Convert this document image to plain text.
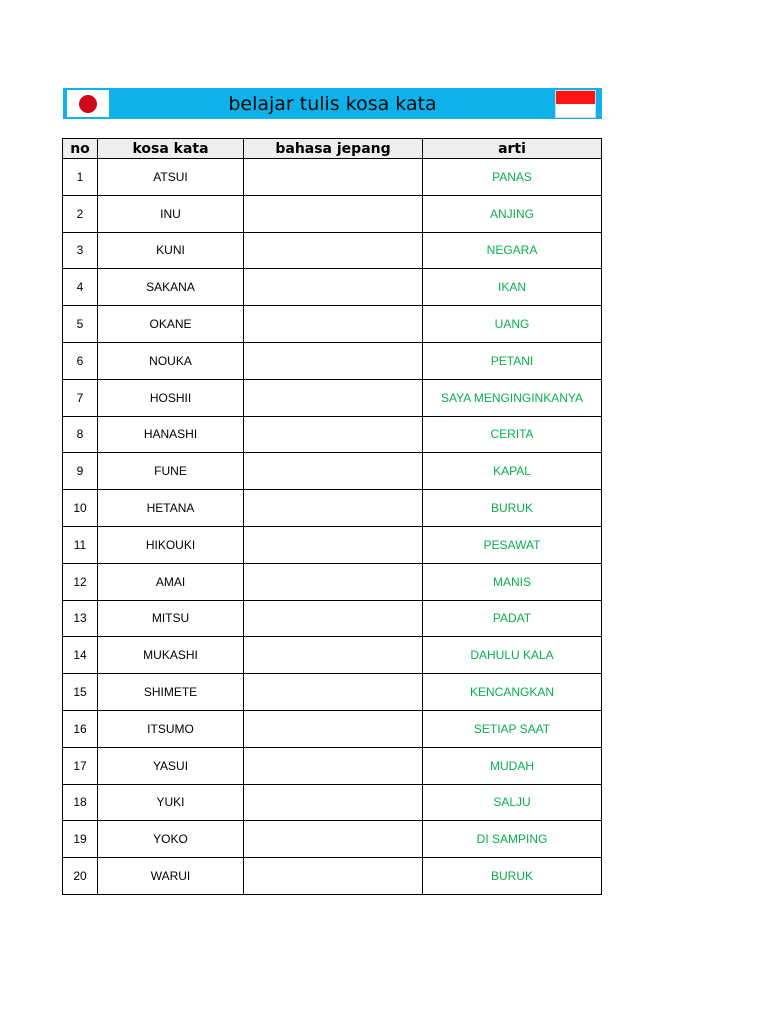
belajar tulis kosa kata
no	kosa kata	bahasa jepang	arti
1	ATSUI		PANAS
2	INU		ANJING
3	KUNI		NEGARA
4	SAKANA		IKAN
5	OKANE		UANG
6	NOUKA		PETANI
7	HOSHII		SAYA MENGINGINKANYA
8	HANASHI		CERITA
9	FUNE		KAPAL
10	HETANA		BURUK
11	HIKOUKI		PESAWAT
12	AMAI		MANIS
13	MITSU		PADAT
14	MUKASHI		DAHULU KALA
15	SHIMETE		KENCANGKAN
16	ITSUMO		SETIAP SAAT
17	YASUI		MUDAH
18	YUKI		SALJU
19	YOKO		DI SAMPING
20	WARUI		BURUK
